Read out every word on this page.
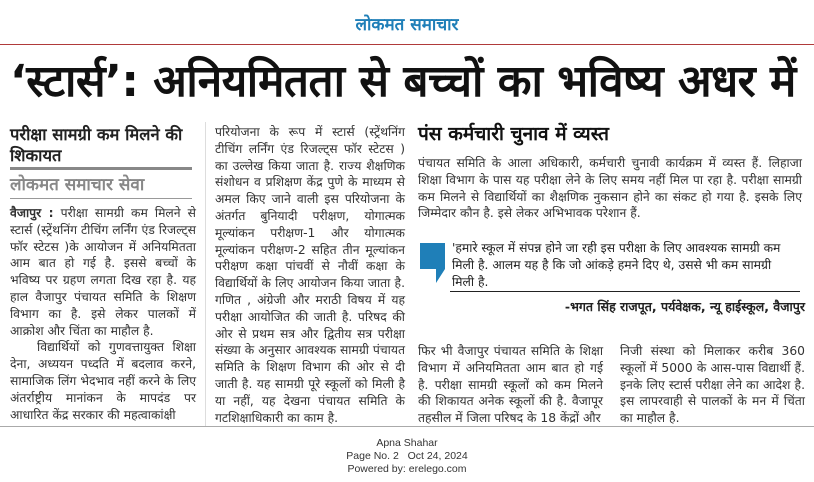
लोकमत समाचार
‘स्टार्स’: अनियमितता से बच्चों का भविष्य अधर में
परीक्षा सामग्री कम मिलने की शिकायत
लोकमत समाचार सेवा

वैजापुर : परीक्षा सामग्री कम मिलने से स्टार्स (स्ट्रेंथनिंग टीचिंग लर्निंग एंड रिजल्ट्स फॉर स्टेटस )के आयोजन में अनियमितता आम बात हो गई है. इससे बच्चों के भविष्य पर ग्रहण लगता दिख रहा है. यह हाल वैजापुर पंचायत समिति के शिक्षण विभाग का है. इसे लेकर पालकों में आक्रोश और चिंता का माहौल है.

विद्यार्थियों को गुणवत्तायुक्त शिक्षा देना, अध्ययन पध्दति में बदलाव करने, सामाजिक लिंग भेदभाव नहीं करने के लिए अंतर्राष्ट्रीय मानांकन के मापदंड पर आधारित केंद्र सरकार की महत्वाकांक्षी

परियोजना के रूप में स्टार्स (स्ट्रेंथनिंग टीचिंग लर्निंग एंड रिजल्ट्स फॉर स्टेटस ) का उल्लेख किया जाता है. राज्य शैक्षणिक संशोधन व प्रशिक्षण केंद्र पुणे के माध्यम से अमल किए जाने वाली इस परियोजना के अंतर्गत बुनियादी परीक्षण, योगात्मक मूल्यांकन परीक्षण-1 और योगात्मक मूल्यांकन परीक्षण-2 सहित तीन मूल्यांकन परीक्षण कक्षा पांचवीं से नौवीं कक्षा के विद्यार्थियों के लिए आयोजन किया जाता है. गणित , अंग्रेजी और मराठी विषय में यह परीक्षा आयोजित की जाती है. परिषद की ओर से प्रथम सत्र और द्वितीय सत्र परीक्षा संख्या के अनुसार आवश्यक सामग्री पंचायत समिति के शिक्षण विभाग की ओर से दी जाती है. यह सामग्री पूरे स्कूलों को मिली है या नहीं, यह देखना पंचायत समिति के गटशिक्षाधिकारी का काम है.

पंस कर्मचारी चुनाव में व्यस्त
पंचायत समिति के आला अधिकारी, कर्मचारी चुनावी कार्यक्रम में व्यस्त हैं. लिहाजा शिक्षा विभाग के पास यह परीक्षा लेने के लिए समय नहीं मिल पा रहा है. परीक्षा सामग्री कम मिलने से विद्यार्थियों का शैक्षणिक नुकसान होने का संकट हो गया है. इसके लिए जिम्मेदार कौन है. इसे लेकर अभिभावक परेशान हैं.
'हमारे स्कूल में संपन्न होने जा रही इस परीक्षा के लिए आवश्यक सामग्री कम मिली है. आलम यह है कि जो आंकड़े हमने दिए थे, उससे भी कम सामग्री मिली है.
-भगत सिंह राजपूत, पर्यवेक्षक, न्यू हाईस्कूल, वैजापुर
फिर भी वैजापुर पंचायत समिति के शिक्षा विभाग में अनियमितता आम बात हो गई है. परीक्षा सामग्री स्कूलों को कम मिलने की शिकायत अनेक स्कूलों की है. वैजापूर तहसील में जिला परिषद के 18 केंद्रों और
निजी संस्था को मिलाकर करीब 360 स्कूलों में 5000 के आस-पास विद्यार्थी हैं. इनके लिए स्टार्स परीक्षा लेने का आदेश है. इस लापरवाही से पालकों के मन में चिंता का माहौल है.
Apna Shahar
Page No. 2 Oct 24, 2024
Powered by: erelego.com
